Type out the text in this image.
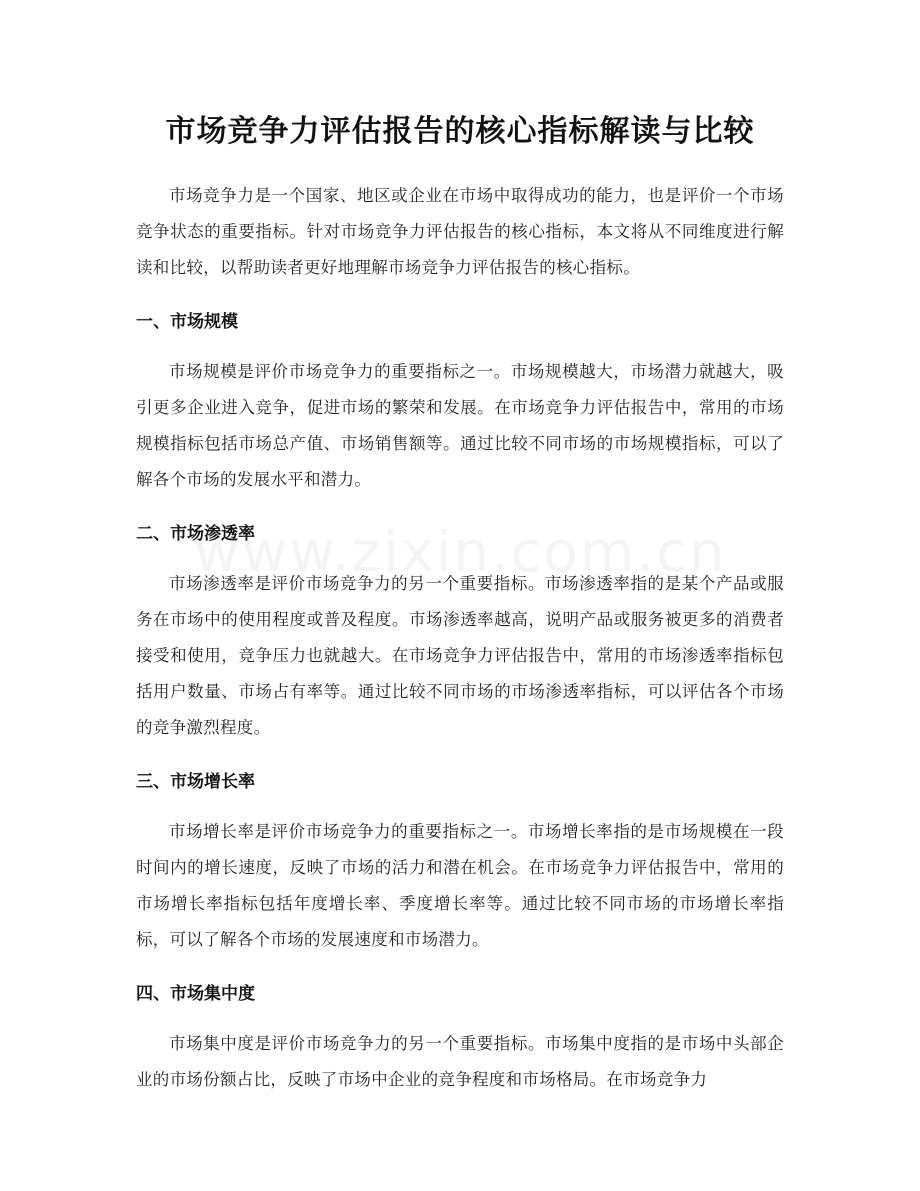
市场竞争力评估报告的核心指标解读与比较

市场竞争力是一个国家、地区或企业在市场中取得成功的能力，也是评价一个市场竞争状态的重要指标。针对市场竞争力评估报告的核心指标，本文将从不同维度进行解读和比较，以帮助读者更好地理解市场竞争力评估报告的核心指标。

一、市场规模

市场规模是评价市场竞争力的重要指标之一。市场规模越大，市场潜力就越大，吸引更多企业进入竞争，促进市场的繁荣和发展。在市场竞争力评估报告中，常用的市场规模指标包括市场总产值、市场销售额等。通过比较不同市场的市场规模指标，可以了解各个市场的发展水平和潜力。

二、市场渗透率

市场渗透率是评价市场竞争力的另一个重要指标。市场渗透率指的是某个产品或服务在市场中的使用程度或普及程度。市场渗透率越高，说明产品或服务被更多的消费者接受和使用，竞争压力也就越大。在市场竞争力评估报告中，常用的市场渗透率指标包括用户数量、市场占有率等。通过比较不同市场的市场渗透率指标，可以评估各个市场的竞争激烈程度。

三、市场增长率

市场增长率是评价市场竞争力的重要指标之一。市场增长率指的是市场规模在一段时间内的增长速度，反映了市场的活力和潜在机会。在市场竞争力评估报告中，常用的市场增长率指标包括年度增长率、季度增长率等。通过比较不同市场的市场增长率指标，可以了解各个市场的发展速度和市场潜力。

四、市场集中度

市场集中度是评价市场竞争力的另一个重要指标。市场集中度指的是市场中头部企业的市场份额占比，反映了市场中企业的竞争程度和市场格局。在市场竞争力
